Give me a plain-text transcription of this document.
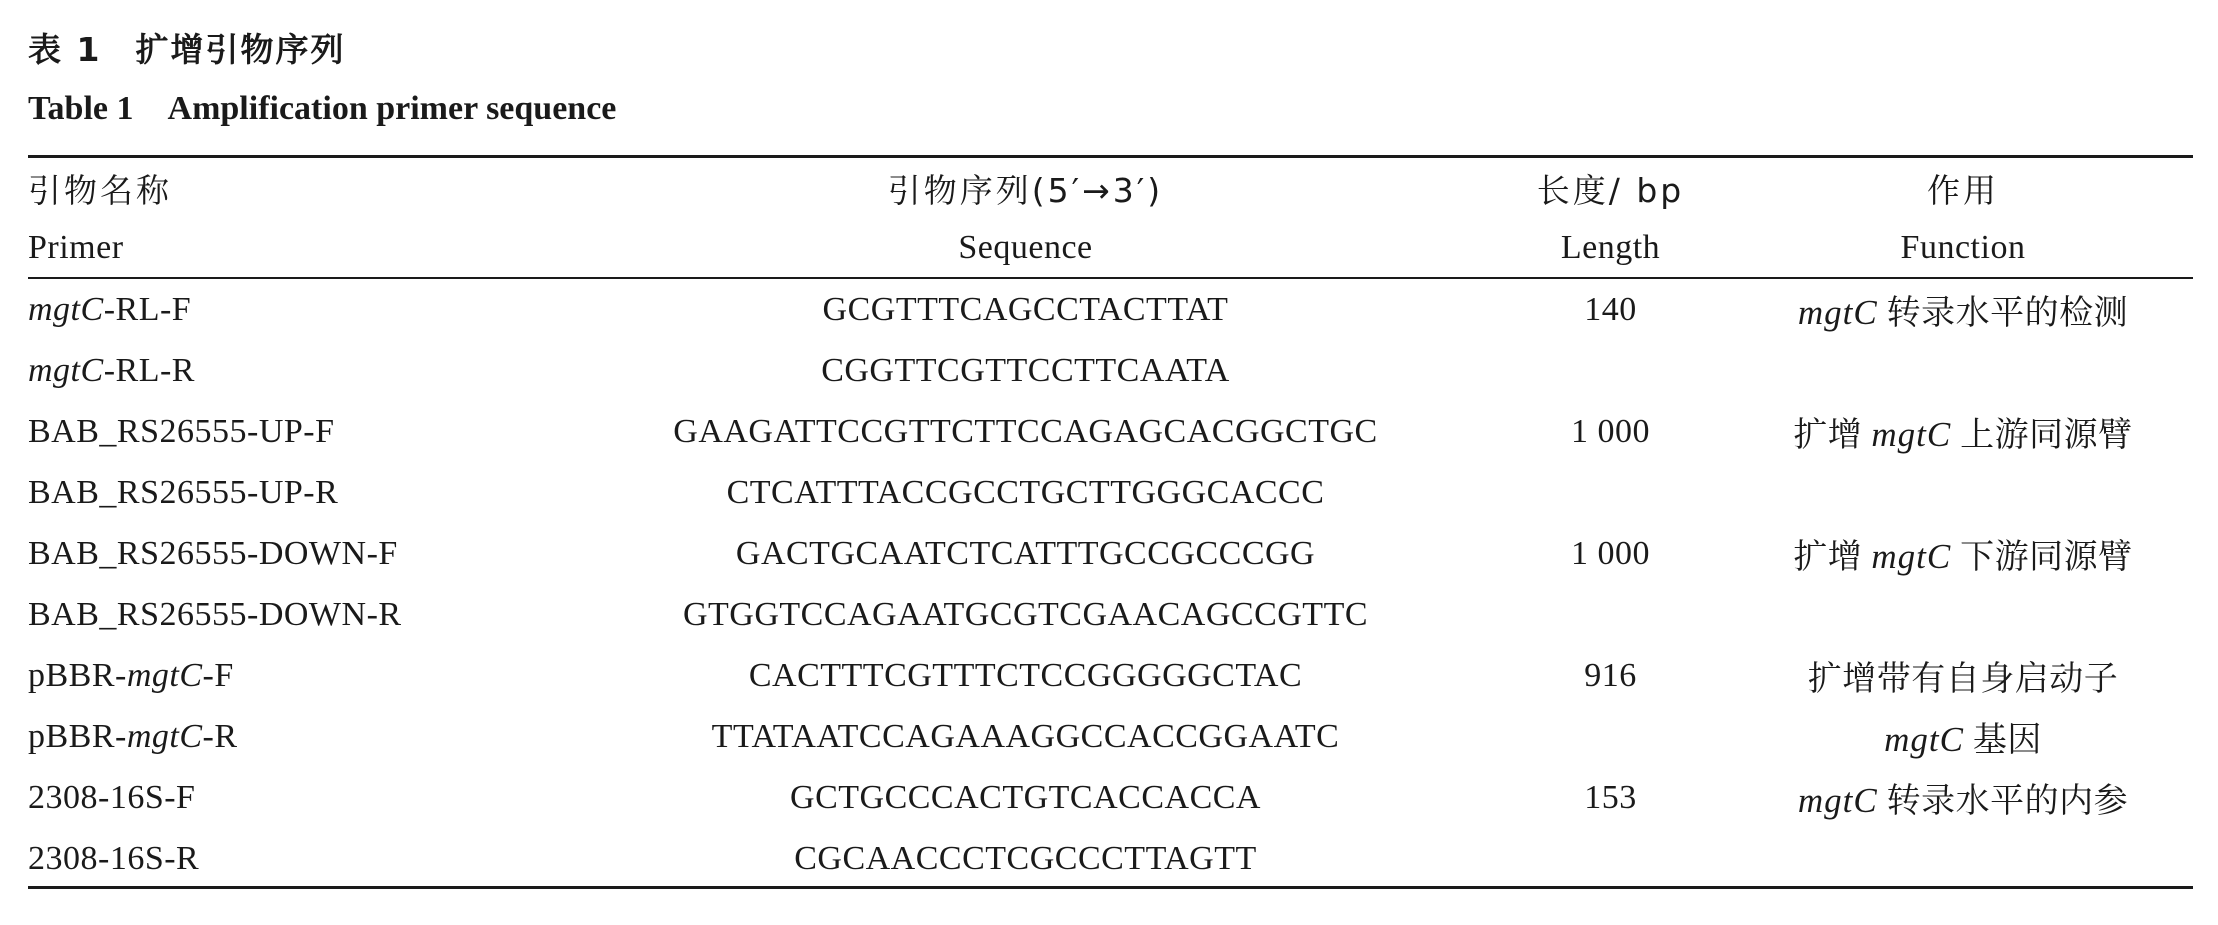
表 1 扩增引物序列
Table 1 Amplification primer sequence
引物名称	引物序列(5′→3′)	长度/ bp	作用
Primer	Sequence	Length	Function
mgtC-RL-F	GCGTTTCAGCCTACTTAT	140	mgtC 转录水平的检测
mgtC-RL-R	CGGTTCGTTCCTTCAATA		
BAB_RS26555-UP-F	GAAGATTCCGTTCTTCCAGAGCACGGCTGC	1 000	扩增 mgtC 上游同源臂
BAB_RS26555-UP-R	CTCATTTACCGCCTGCTTGGGCACCC		
BAB_RS26555-DOWN-F	GACTGCAATCTCATTTGCCGCCCGG	1 000	扩增 mgtC 下游同源臂
BAB_RS26555-DOWN-R	GTGGTCCAGAATGCGTCGAACAGCCGTTC		
pBBR-mgtC-F	CACTTTCGTTTCTCCGGGGGCTAC	916	扩增带有自身启动子
pBBR-mgtC-R	TTATAATCCAGAAAGGCCACCGGAATC		mgtC 基因
2308-16S-F	GCTGCCCACTGTCACCACCA	153	mgtC 转录水平的内参
2308-16S-R	CGCAACCCTCGCCCTTAGTT		
